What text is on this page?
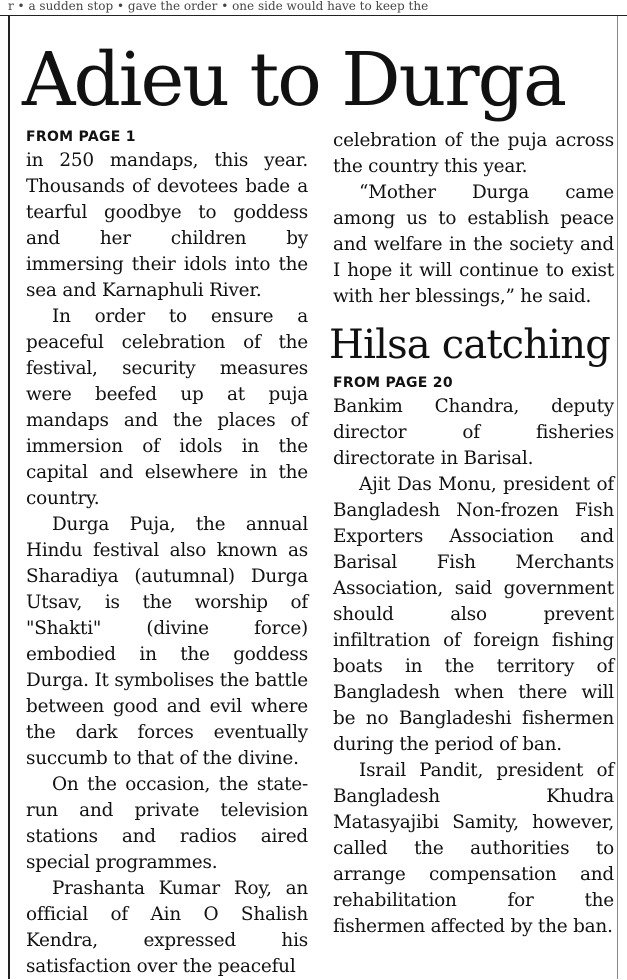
r • a sudden stop • gave the order • one side would have to keep the
Adieu to Durga

FROM PAGE 1

in 250 mandaps, this year. Thousands of devotees bade a tearful goodbye to goddess and her children by immersing their idols into the sea and Karnaphuli River.

In order to ensure a peaceful celebration of the festival, security measures were beefed up at puja mandaps and the places of immersion of idols in the capital and elsewhere in the country.

Durga Puja, the annual Hindu festival also known as Sharadiya (autumnal) Durga Utsav, is the worship of "Shakti" (divine force) embodied in the goddess Durga. It symbolises the battle between good and evil where the dark forces eventually succumb to that of the divine.

On the occasion, the state-run and private television stations and radios aired special programmes.

Prashanta Kumar Roy, an official of Ain O Shalish Kendra, expressed his satisfaction over the peaceful

celebration of the puja across the country this year.

“Mother Durga came among us to establish peace and welfare in the society and I hope it will continue to exist with her blessings,” he said.

Hilsa catching

FROM PAGE 20

Bankim Chandra, deputy director of fisheries directorate in Barisal.

Ajit Das Monu, president of Bangladesh Non-frozen Fish Exporters Association and Barisal Fish Merchants Association, said government should also prevent infiltration of foreign fishing boats in the territory of Bangladesh when there will be no Bangladeshi fishermen during the period of ban.

Israil Pandit, president of Bangladesh Khudra Matasyajibi Samity, however, called the authorities to arrange compensation and rehabilitation for the fishermen affected by the ban.
